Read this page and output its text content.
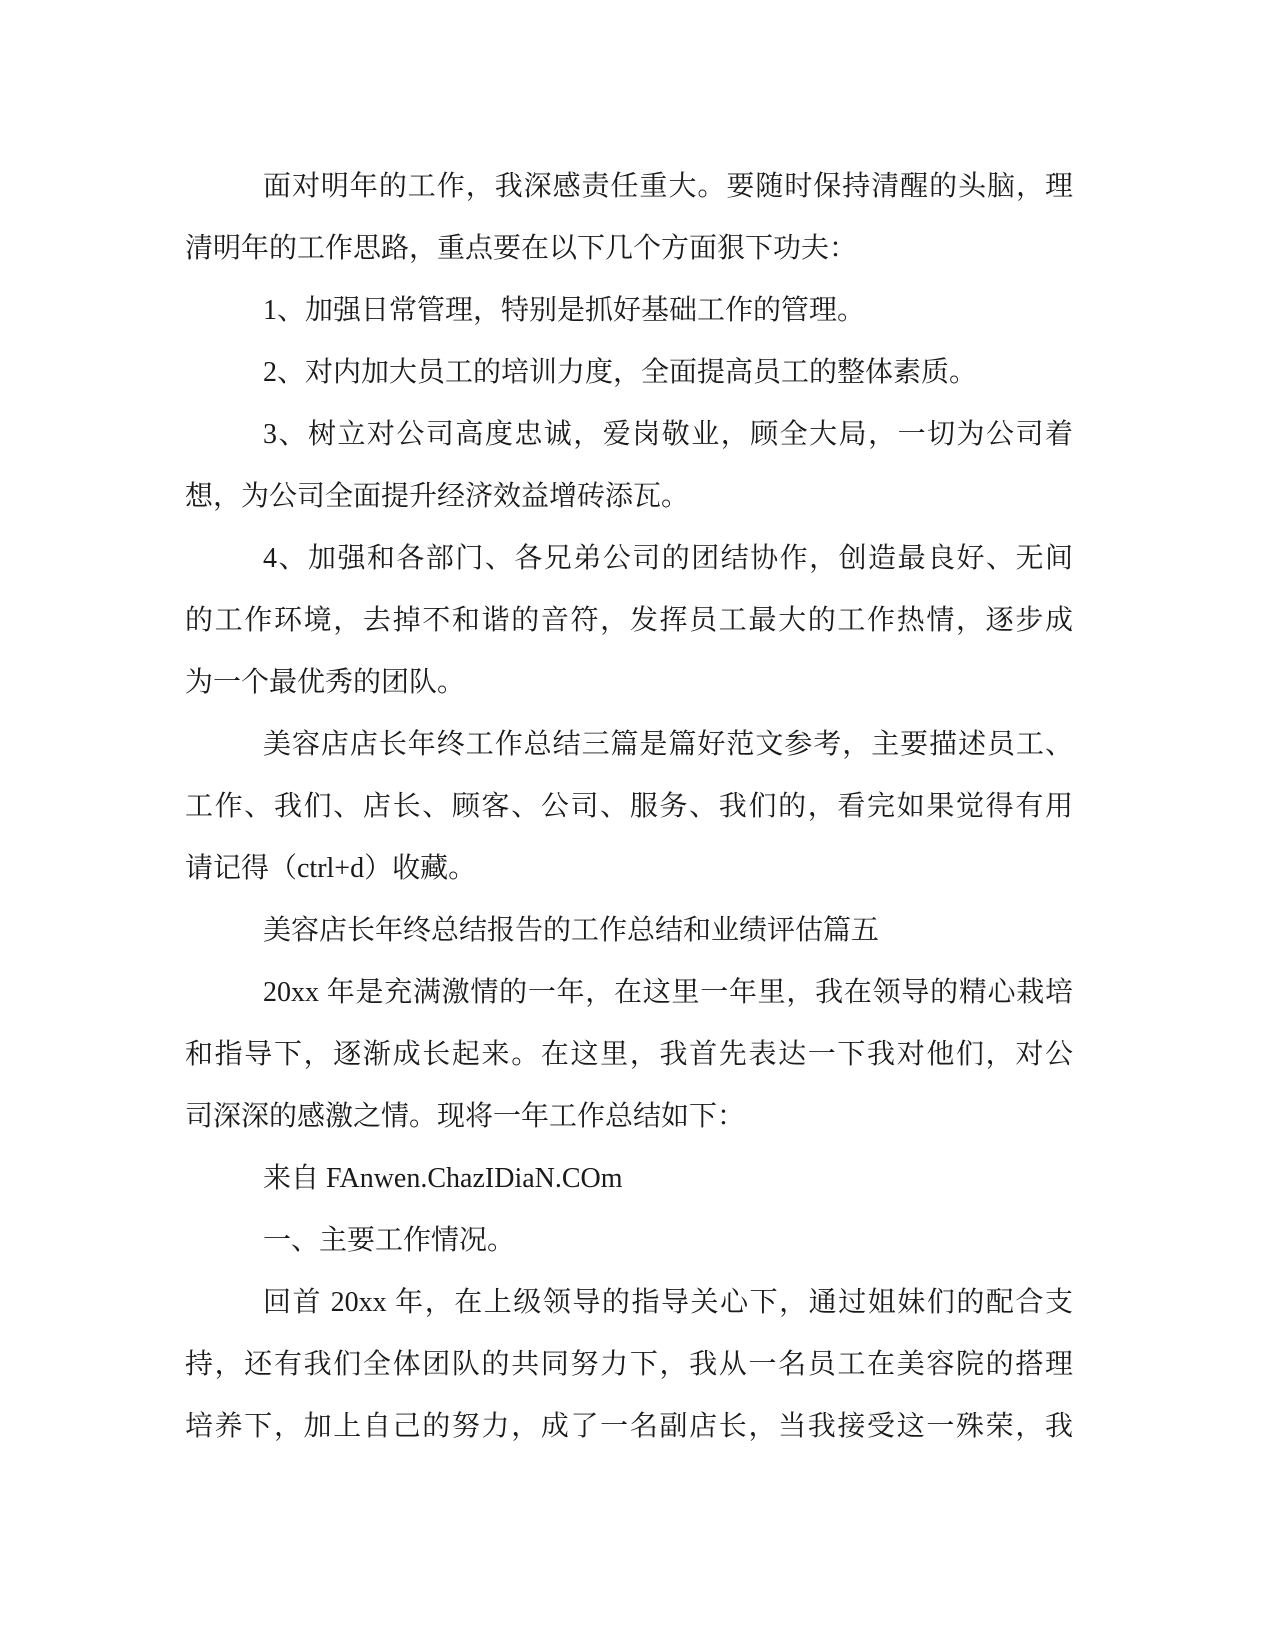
面对明年的工作，我深感责任重大。要随时保持清醒的头脑，理
清明年的工作思路，重点要在以下几个方面狠下功夫：
1、加强日常管理，特别是抓好基础工作的管理。
2、对内加大员工的培训力度，全面提高员工的整体素质。
3、树立对公司高度忠诚，爱岗敬业，顾全大局，一切为公司着
想，为公司全面提升经济效益增砖添瓦。
4、加强和各部门、各兄弟公司的团结协作，创造最良好、无间
的工作环境，去掉不和谐的音符，发挥员工最大的工作热情，逐步成
为一个最优秀的团队。
美容店店长年终工作总结三篇是篇好范文参考，主要描述员工、
工作、我们、店长、顾客、公司、服务、我们的，看完如果觉得有用
请记得（ctrl+d）收藏。
美容店长年终总结报告的工作总结和业绩评估篇五
20xx 年是充满激情的一年，在这里一年里，我在领导的精心栽培
和指导下，逐渐成长起来。在这里，我首先表达一下我对他们，对公
司深深的感激之情。现将一年工作总结如下：
来自 FAnwen.ChazIDiaN.COm
一、主要工作情况。
回首 20xx 年，在上级领导的指导关心下，通过姐妹们的配合支
持，还有我们全体团队的共同努力下，我从一名员工在美容院的搭理
培养下，加上自己的努力，成了一名副店长，当我接受这一殊荣，我
